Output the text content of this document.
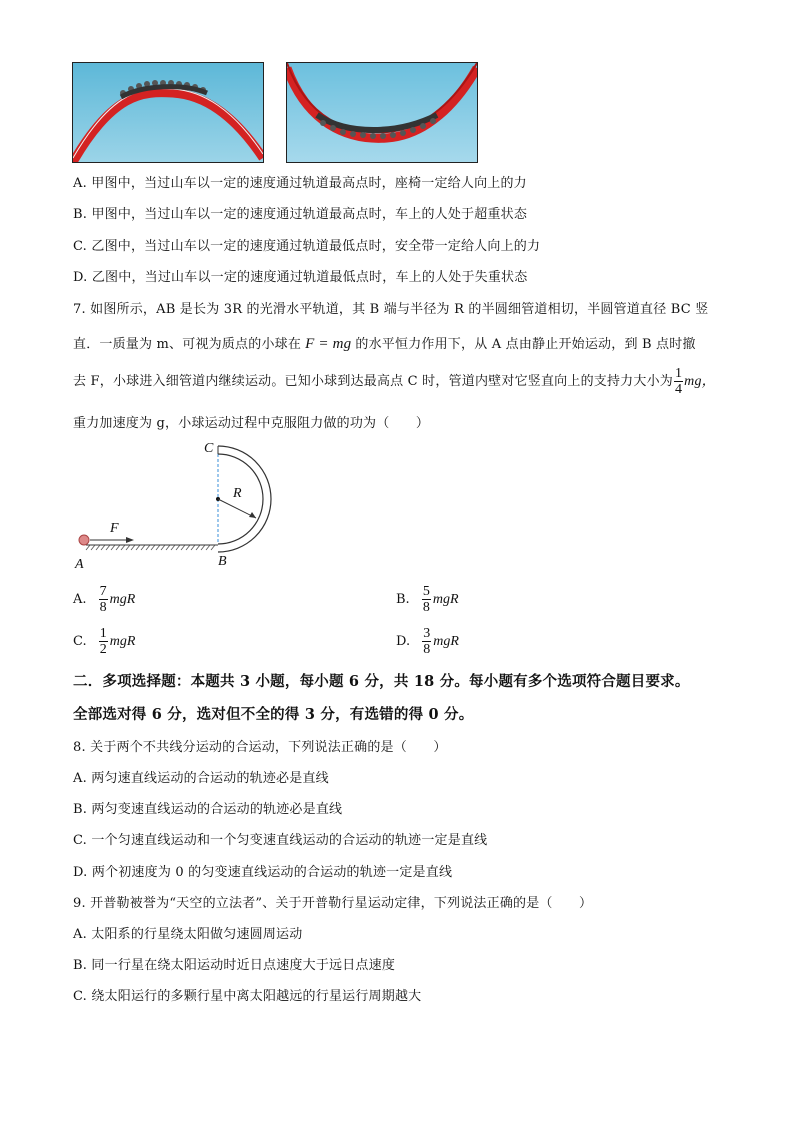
A. 甲图中，当过山车以一定的速度通过轨道最高点时，座椅一定给人向上的力
B. 甲图中，当过山车以一定的速度通过轨道最高点时，车上的人处于超重状态
C. 乙图中，当过山车以一定的速度通过轨道最低点时，安全带一定给人向上的力
D. 乙图中，当过山车以一定的速度通过轨道最低点时，车上的人处于失重状态
7. 如图所示，AB 是长为 3R 的光滑水平轨道，其 B 端与半径为 R 的半圆细管道相切，半圆管道直径 BC 竖
直．一质量为 m、可视为质点的小球在 F = mg 的水平恒力作用下，从 A 点由静止开始运动，到 B 点时撤
去 F，小球进入细管道内继续运动。已知小球到达最高点 C 时，管道内壁对它竖直向上的支持力大小为 $\frac{1}{4}$ mg，
重力加速度为 g，小球运动过程中克服阻力做的功为（　　）
C
R
F
A	B
A. $\frac{7}{8}$ mgR	B. $\frac{5}{8}$ mgR
C. $\frac{1}{2}$ mgR	D. $\frac{3}{8}$ mgR
二．多项选择题：本题共 3 小题，每小题 6 分，共 18 分。每小题有多个选项符合题目要求。
全部选对得 6 分，选对但不全的得 3 分，有选错的得 0 分。
8. 关于两个不共线分运动的合运动，下列说法正确的是（　　）
A. 两匀速直线运动的合运动的轨迹必是直线
B. 两匀变速直线运动的合运动的轨迹必是直线
C. 一个匀速直线运动和一个匀变速直线运动的合运动的轨迹一定是直线
D. 两个初速度为 0 的匀变速直线运动的合运动的轨迹一定是直线
9. 开普勒被誉为“天空的立法者”、关于开普勒行星运动定律，下列说法正确的是（　　）
A. 太阳系的行星绕太阳做匀速圆周运动
B. 同一行星在绕太阳运动时近日点速度大于远日点速度
C. 绕太阳运行的多颗行星中离太阳越远的行星运行周期越大
